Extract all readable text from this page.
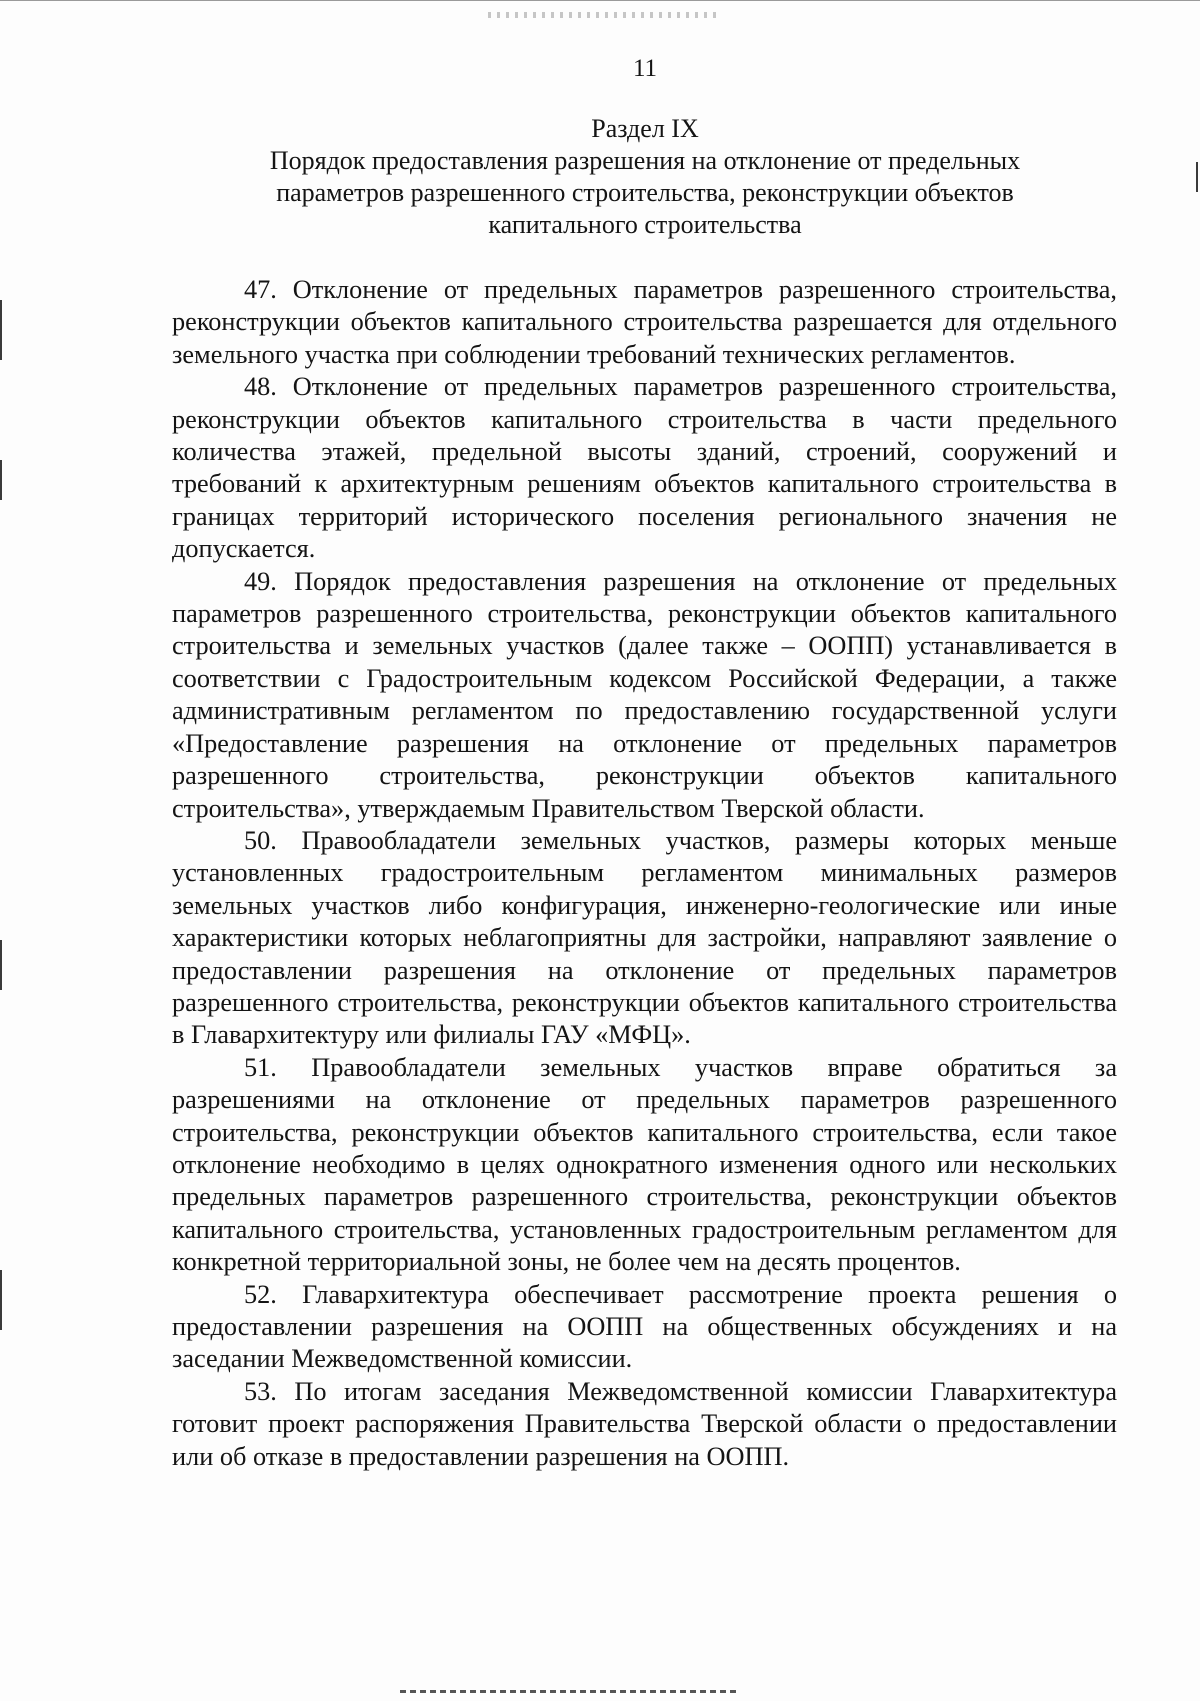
11
Раздел IX
Порядок предоставления разрешения на отклонение от предельных параметров разрешенного строительства, реконструкции объектов капитального строительства

47. Отклонение от предельных параметров разрешенного строительства, реконструкции объектов капитального строительства разрешается для отдельного земельного участка при соблюдении требований технических регламентов.

48. Отклонение от предельных параметров разрешенного строительства, реконструкции объектов капитального строительства в части предельного количества этажей, предельной высоты зданий, строений, сооружений и требований к архитектурным решениям объектов капитального строительства в границах территорий исторического поселения регионального значения не допускается.

49. Порядок предоставления разрешения на отклонение от предельных параметров разрешенного строительства, реконструкции объектов капитального строительства и земельных участков (далее также – ООПП) устанавливается в соответствии с Градостроительным кодексом Российской Федерации, а также административным регламентом по предоставлению государственной услуги «Предоставление разрешения на отклонение от предельных параметров разрешенного строительства, реконструкции объектов капитального строительства», утверждаемым Правительством Тверской области.

50. Правообладатели земельных участков, размеры которых меньше установленных градостроительным регламентом минимальных размеров земельных участков либо конфигурация, инженерно-геологические или иные характеристики которых неблагоприятны для застройки, направляют заявление о предоставлении разрешения на отклонение от предельных параметров разрешенного строительства, реконструкции объектов капитального строительства в Главархитектуру или филиалы ГАУ «МФЦ».

51. Правообладатели земельных участков вправе обратиться за разрешениями на отклонение от предельных параметров разрешенного строительства, реконструкции объектов капитального строительства, если такое отклонение необходимо в целях однократного изменения одного или нескольких предельных параметров разрешенного строительства, реконструкции объектов капитального строительства, установленных градостроительным регламентом для конкретной территориальной зоны, не более чем на десять процентов.

52. Главархитектура обеспечивает рассмотрение проекта решения о предоставлении разрешения на ООПП на общественных обсуждениях и на заседании Межведомственной комиссии.

53. По итогам заседания Межведомственной комиссии Главархитектура готовит проект распоряжения Правительства Тверской области о предоставлении или об отказе в предоставлении разрешения на ООПП.
